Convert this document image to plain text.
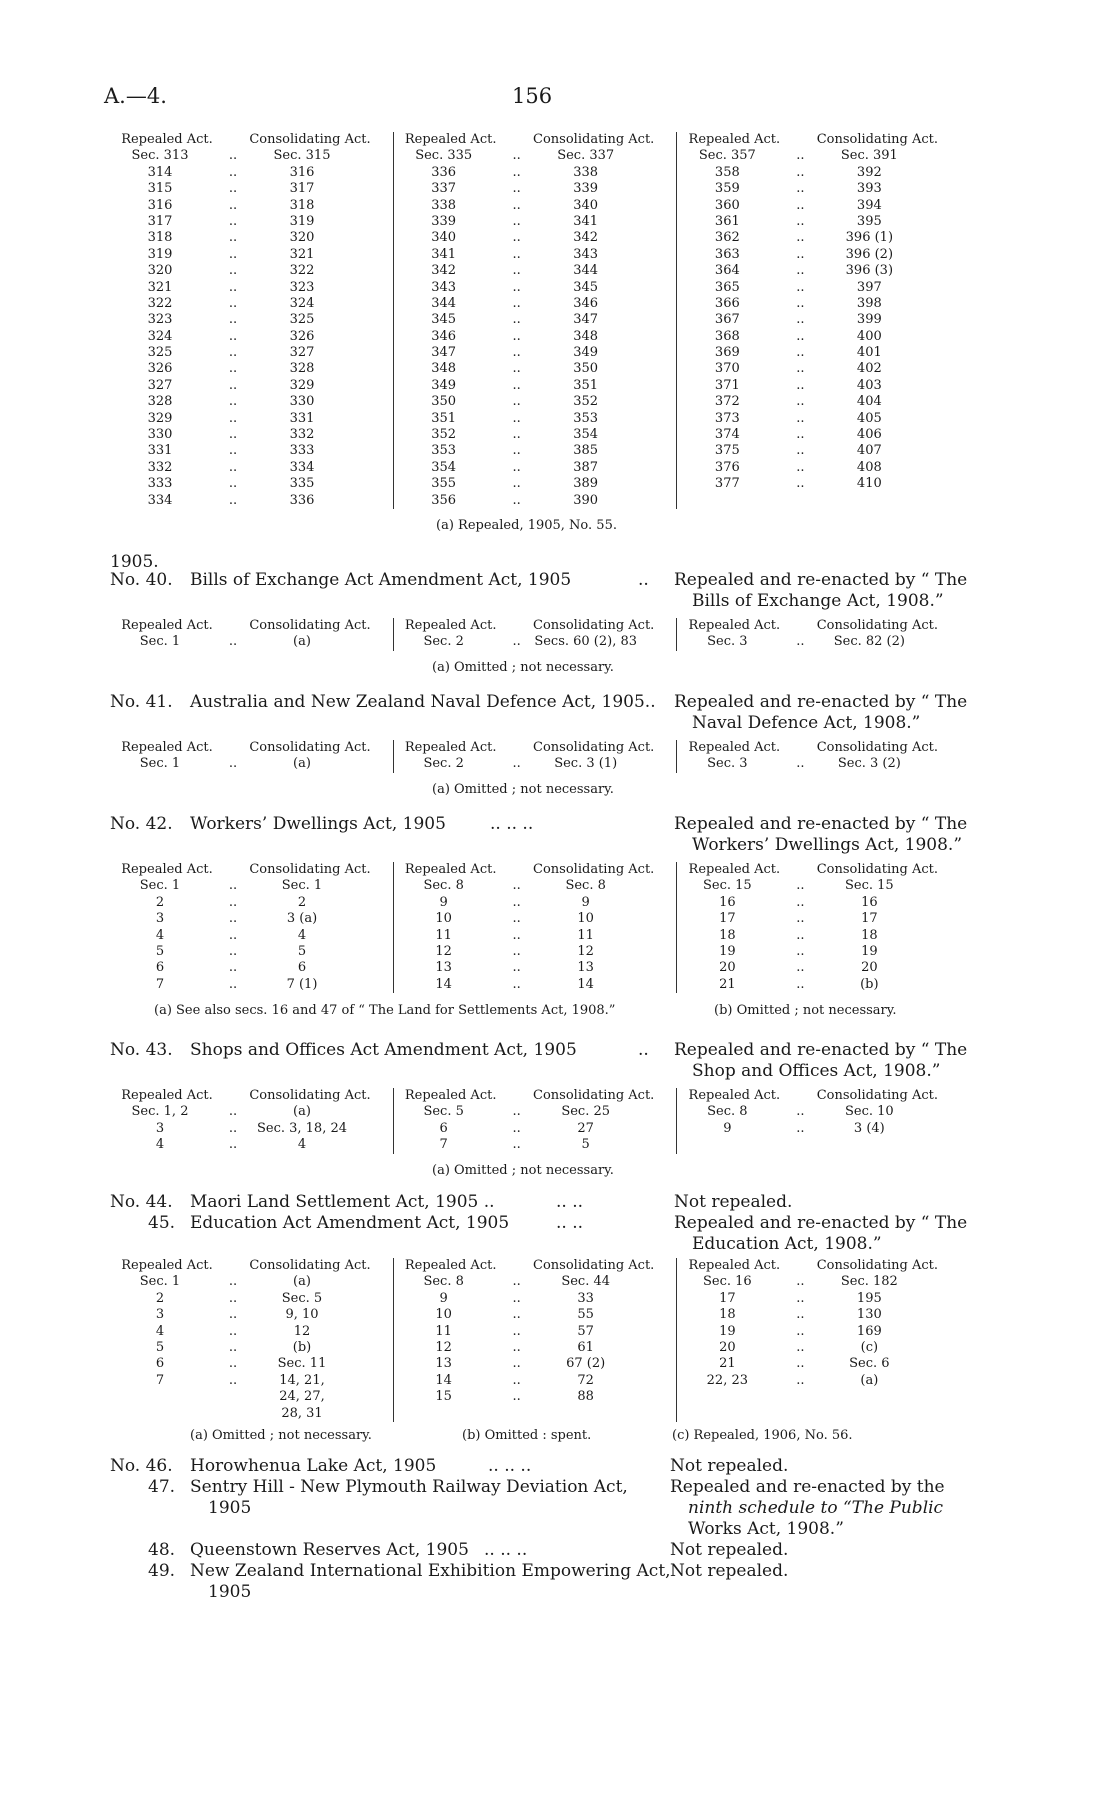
A.—4.	156
Repealed Act.	Consolidating Act.
Sec. 313	..	Sec. 315
314	..	316
315	..	317
316	..	318
317	..	319
318	..	320
319	..	321
320	..	322
321	..	323
322	..	324
323	..	325
324	..	326
325	..	327
326	..	328
327	..	329
328	..	330
329	..	331
330	..	332
331	..	333
332	..	334
333	..	335
334	..	336
Repealed Act.	Consolidating Act.
Sec. 335	..	Sec. 337
336	..	338
337	..	339
338	..	340
339	..	341
340	..	342
341	..	343
342	..	344
343	..	345
344	..	346
345	..	347
346	..	348
347	..	349
348	..	350
349	..	351
350	..	352
351	..	353
352	..	354
353	..	385
354	..	387
355	..	389
356	..	390
Repealed Act.	Consolidating Act.
Sec. 357	..	Sec. 391
358	..	392
359	..	393
360	..	394
361	..	395
362	..	396 (1)
363	..	396 (2)
364	..	396 (3)
365	..	397
366	..	398
367	..	399
368	..	400
369	..	401
370	..	402
371	..	403
372	..	404
373	..	405
374	..	406
375	..	407
376	..	408
377	..	410
(a) Repealed, 1905, No. 55.
1905.
No. 40. Bills of Exchange Act Amendment Act, 1905	.. Repealed and re-enacted by “ The
Bills of Exchange Act, 1908.”
Repealed Act.	Consolidating Act.
Sec. 1	..	(a)
Repealed Act.	Consolidating Act.
Sec. 2	..	Secs. 60 (2), 83
Repealed Act.	Consolidating Act.
Sec. 3	..	Sec. 82 (2)
(a) Omitted ; not necessary.
No. 41. Australia and New Zealand Naval Defence Act, 1905.. Repealed and re-enacted by “ The
Naval Defence Act, 1908.”
Repealed Act.	Consolidating Act.
Sec. 1	..	(a)
Repealed Act.	Consolidating Act.
Sec. 2	..	Sec. 3 (1)
Repealed Act.	Consolidating Act.
Sec. 3	..	Sec. 3 (2)
(a) Omitted ; not necessary.
No. 42. Workers’ Dwellings Act, 1905	.. .. ..	Repealed and re-enacted by “ The
Workers’ Dwellings Act, 1908.”
Repealed Act.	Consolidating Act.
Sec. 1	..	Sec. 1
2	..	2
3	..	3 (a)
4	..	4
5	..	5
6	..	6
7	..	7 (1)
Repealed Act.	Consolidating Act.
Sec. 8	..	Sec. 8
9	..	9
10	..	10
11	..	11
12	..	12
13	..	13
14	..	14
Repealed Act.	Consolidating Act.
Sec. 15	..	Sec. 15
16	..	16
17	..	17
18	..	18
19	..	19
20	..	20
21	..	(b)
(a) See also secs. 16 and 47 of “ The Land for Settlements Act, 1908.”	(b) Omitted ; not necessary.
No. 43. Shops and Offices Act Amendment Act, 1905	.. Repealed and re-enacted by “ The
Shop and Offices Act, 1908.”
Repealed Act.	Consolidating Act.
Sec. 1, 2	..	(a)
3	..	Sec. 3, 18, 24
4	..	4
Repealed Act.	Consolidating Act.
Sec. 5	..	Sec. 25
6	..	27
7	..	5
Repealed Act.	Consolidating Act.
Sec. 8	..	Sec. 10
9	..	3 (4)
(a) Omitted ; not necessary.
No. 44. Maori Land Settlement Act, 1905 ..	.. ..	Not repealed.
45. Education Act Amendment Act, 1905	.. ..	Repealed and re-enacted by “ The
Education Act, 1908.”
Repealed Act.	Consolidating Act.
Sec. 1	..	(a)
2	..	Sec. 5
3	..	9, 10
4	..	12
5	..	(b)
6	..	Sec. 11
7	..	14, 21,
24, 27,
28, 31
Repealed Act.	Consolidating Act.
Sec. 8	..	Sec. 44
9	..	33
10	..	55
11	..	57
12	..	61
13	..	67 (2)
14	..	72
15	..	88
Repealed Act.	Consolidating Act.
Sec. 16	..	Sec. 182
17	..	195
18	..	130
19	..	169
20	..	(c)
21	..	Sec. 6
22, 23	..	(a)
(a) Omitted ; not necessary.	(b) Omitted : spent.	(c) Repealed, 1906, No. 56.
No. 46. Horowhenua Lake Act, 1905	.. .. ..	Not repealed.
47. Sentry Hill - New Plymouth Railway Deviation Act,
1905
Repealed and re-enacted by the
ninth schedule to “The Public
Works Act, 1908.”
48. Queenstown Reserves Act, 1905 .. .. ..	Not repealed.
49. New Zealand International Exhibition Empowering Act,
1905
Not repealed.
